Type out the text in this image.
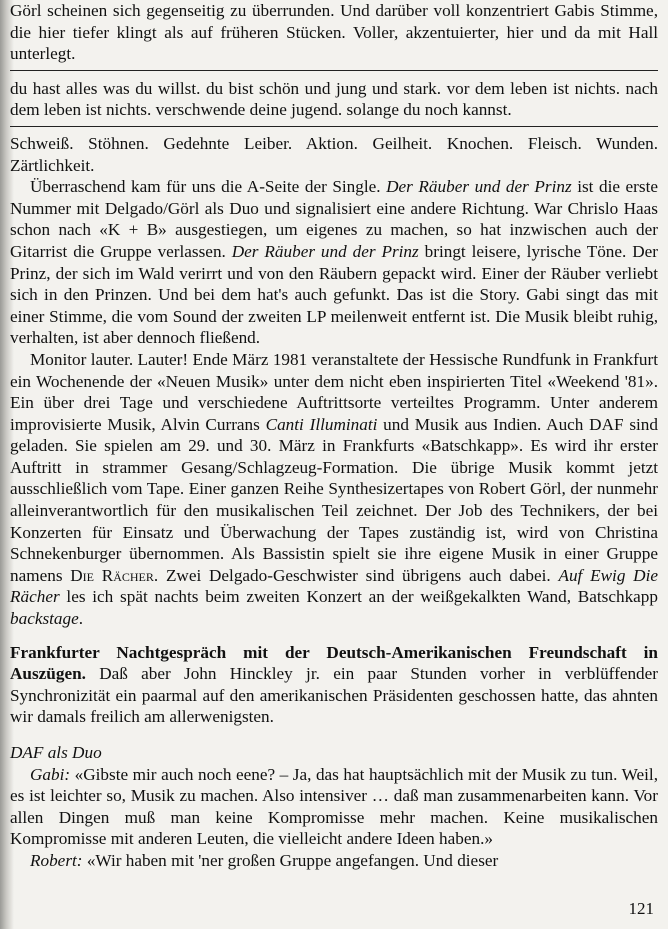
Görl scheinen sich gegenseitig zu überrunden. Und darüber voll konzentriert Gabis Stimme, die hier tiefer klingt als auf früheren Stücken. Voller, akzentuierter, hier und da mit Hall unterlegt.

du hast alles was du willst. du bist schön und jung und stark. vor dem leben ist nichts. nach dem leben ist nichts. verschwende deine jugend. solange du noch kannst.

Schweiß. Stöhnen. Gedehnte Leiber. Aktion. Geilheit. Knochen. Fleisch. Wunden. Zärtlichkeit.

Überraschend kam für uns die A-Seite der Single. Der Räuber und der Prinz ist die erste Nummer mit Delgado/Görl als Duo und signalisiert eine andere Richtung. War Chrislo Haas schon nach «K + B» ausgestiegen, um eigenes zu machen, so hat inzwischen auch der Gitarrist die Gruppe verlassen. Der Räuber und der Prinz bringt leisere, lyrische Töne. Der Prinz, der sich im Wald verirrt und von den Räubern gepackt wird. Einer der Räuber verliebt sich in den Prinzen. Und bei dem hat's auch gefunkt. Das ist die Story. Gabi singt das mit einer Stimme, die vom Sound der zweiten LP meilenweit entfernt ist. Die Musik bleibt ruhig, verhalten, ist aber dennoch fließend.

Monitor lauter. Lauter! Ende März 1981 veranstaltete der Hessische Rundfunk in Frankfurt ein Wochenende der «Neuen Musik» unter dem nicht eben inspirierten Titel «Weekend '81». Ein über drei Tage und verschiedene Auftrittsorte verteiltes Programm. Unter anderem improvisierte Musik, Alvin Currans Canti Illuminati und Musik aus Indien. Auch DAF sind geladen. Sie spielen am 29. und 30. März in Frankfurts «Batschkapp». Es wird ihr erster Auftritt in strammer Gesang/Schlagzeug-Formation. Die übrige Musik kommt jetzt ausschließlich vom Tape. Einer ganzen Reihe Synthesizertapes von Robert Görl, der nunmehr alleinverantwortlich für den musikalischen Teil zeichnet. Der Job des Technikers, der bei Konzerten für Einsatz und Überwachung der Tapes zuständig ist, wird von Christina Schnekenburger übernommen. Als Bassistin spielt sie ihre eigene Musik in einer Gruppe namens Die Rächer. Zwei Delgado-Geschwister sind übrigens auch dabei. Auf Ewig Die Rächer les ich spät nachts beim zweiten Konzert an der weißgekalkten Wand, Batschkapp backstage.

Frankfurter Nachtgespräch mit der Deutsch-Amerikanischen Freundschaft in Auszügen. Daß aber John Hinckley jr. ein paar Stunden vorher in verblüffender Synchronizität ein paarmal auf den amerikanischen Präsidenten geschossen hatte, das ahnten wir damals freilich am allerwenigsten.

DAF als Duo

Gabi: «Gibste mir auch noch eene? – Ja, das hat hauptsächlich mit der Musik zu tun. Weil, es ist leichter so, Musik zu machen. Also intensiver … daß man zusammenarbeiten kann. Vor allen Dingen muß man keine Kompromisse mehr machen. Keine musikalischen Kompromisse mit anderen Leuten, die vielleicht andere Ideen haben.»

Robert: «Wir haben mit 'ner großen Gruppe angefangen. Und dieser

121
